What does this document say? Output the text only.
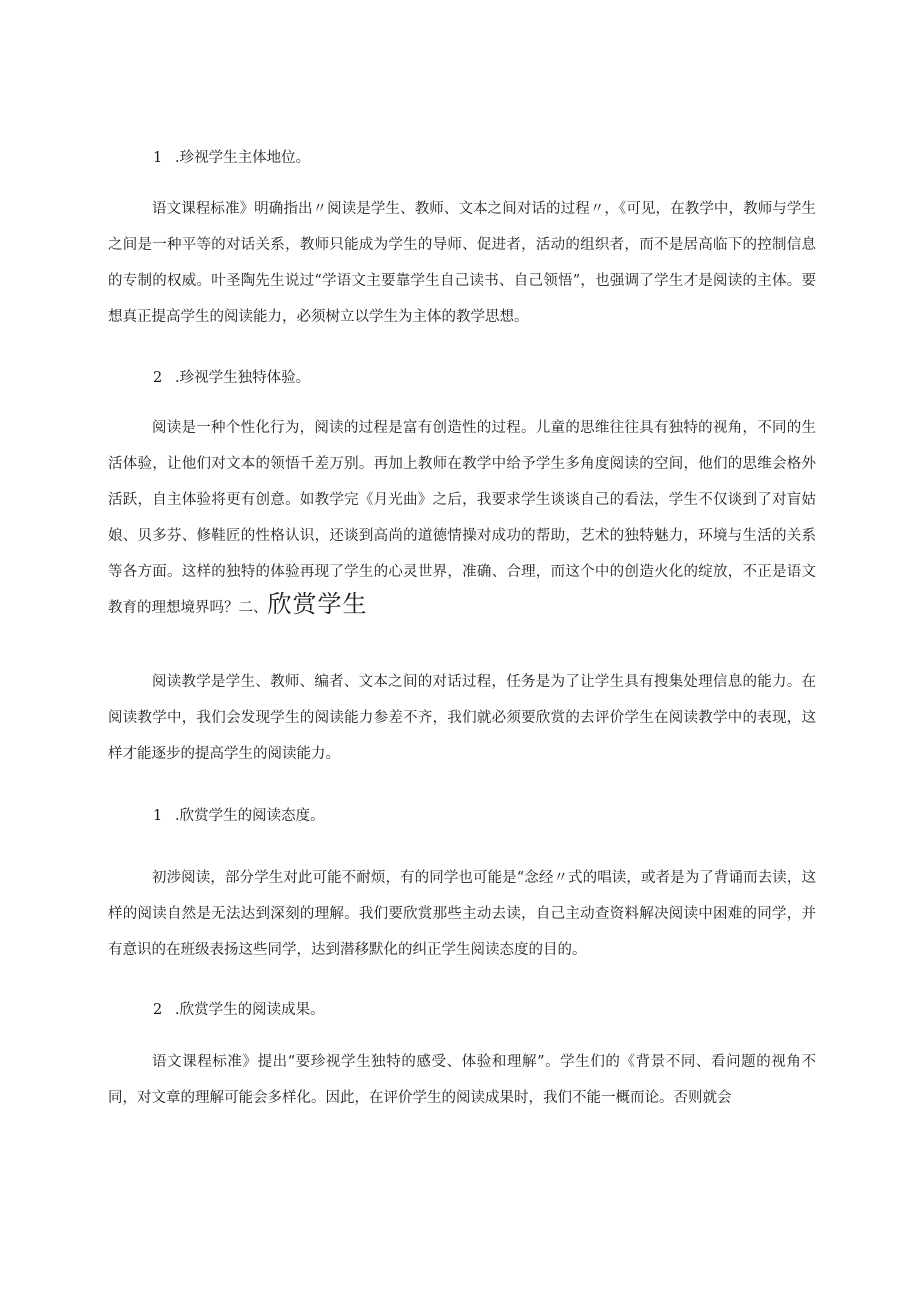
1 .珍视学生主体地位。

语文课程标准》明确指出〃阅读是学生、教师、文本之间对话的过程〃，《可见，在教学中，教师与学生之间是一种平等的对话关系，教师只能成为学生的导师、促进者，活动的组织者，而不是居高临下的控制信息的专制的权威。叶圣陶先生说过“学语文主要靠学生自己读书、自己领悟”，也强调了学生才是阅读的主体。要想真正提高学生的阅读能力，必须树立以学生为主体的教学思想。

2 .珍视学生独特体验。

阅读是一种个性化行为，阅读的过程是富有创造性的过程。儿童的思维往往具有独特的视角，不同的生活体验，让他们对文本的领悟千差万别。再加上教师在教学中给予学生多角度阅读的空间，他们的思维会格外活跃，自主体验将更有创意。如教学完《月光曲》之后，我要求学生谈谈自己的看法，学生不仅谈到了对盲姑娘、贝多芬、修鞋匠的性格认识，还谈到高尚的道德情操对成功的帮助，艺术的独特魅力，环境与生活的关系等各方面。这样的独特的体验再现了学生的心灵世界，准确、合理，而这个中的创造火化的绽放，不正是语文教育的理想境界吗？二、欣赏学生

阅读教学是学生、教师、编者、文本之间的对话过程，任务是为了让学生具有搜集处理信息的能力。在阅读教学中，我们会发现学生的阅读能力参差不齐，我们就必须要欣赏的去评价学生在阅读教学中的表现，这样才能逐步的提高学生的阅读能力。

1 .欣赏学生的阅读态度。

初涉阅读，部分学生对此可能不耐烦，有的同学也可能是“念经〃式的唱读，或者是为了背诵而去读，这样的阅读自然是无法达到深刻的理解。我们要欣赏那些主动去读，自己主动查资料解决阅读中困难的同学，并有意识的在班级表扬这些同学，达到潜移默化的纠正学生阅读态度的目的。

2 .欣赏学生的阅读成果。

语文课程标准》提出“要珍视学生独特的感受、体验和理解”。学生们的《背景不同、看问题的视角不同，对文章的理解可能会多样化。因此，在评价学生的阅读成果时，我们不能一概而论。否则就会
